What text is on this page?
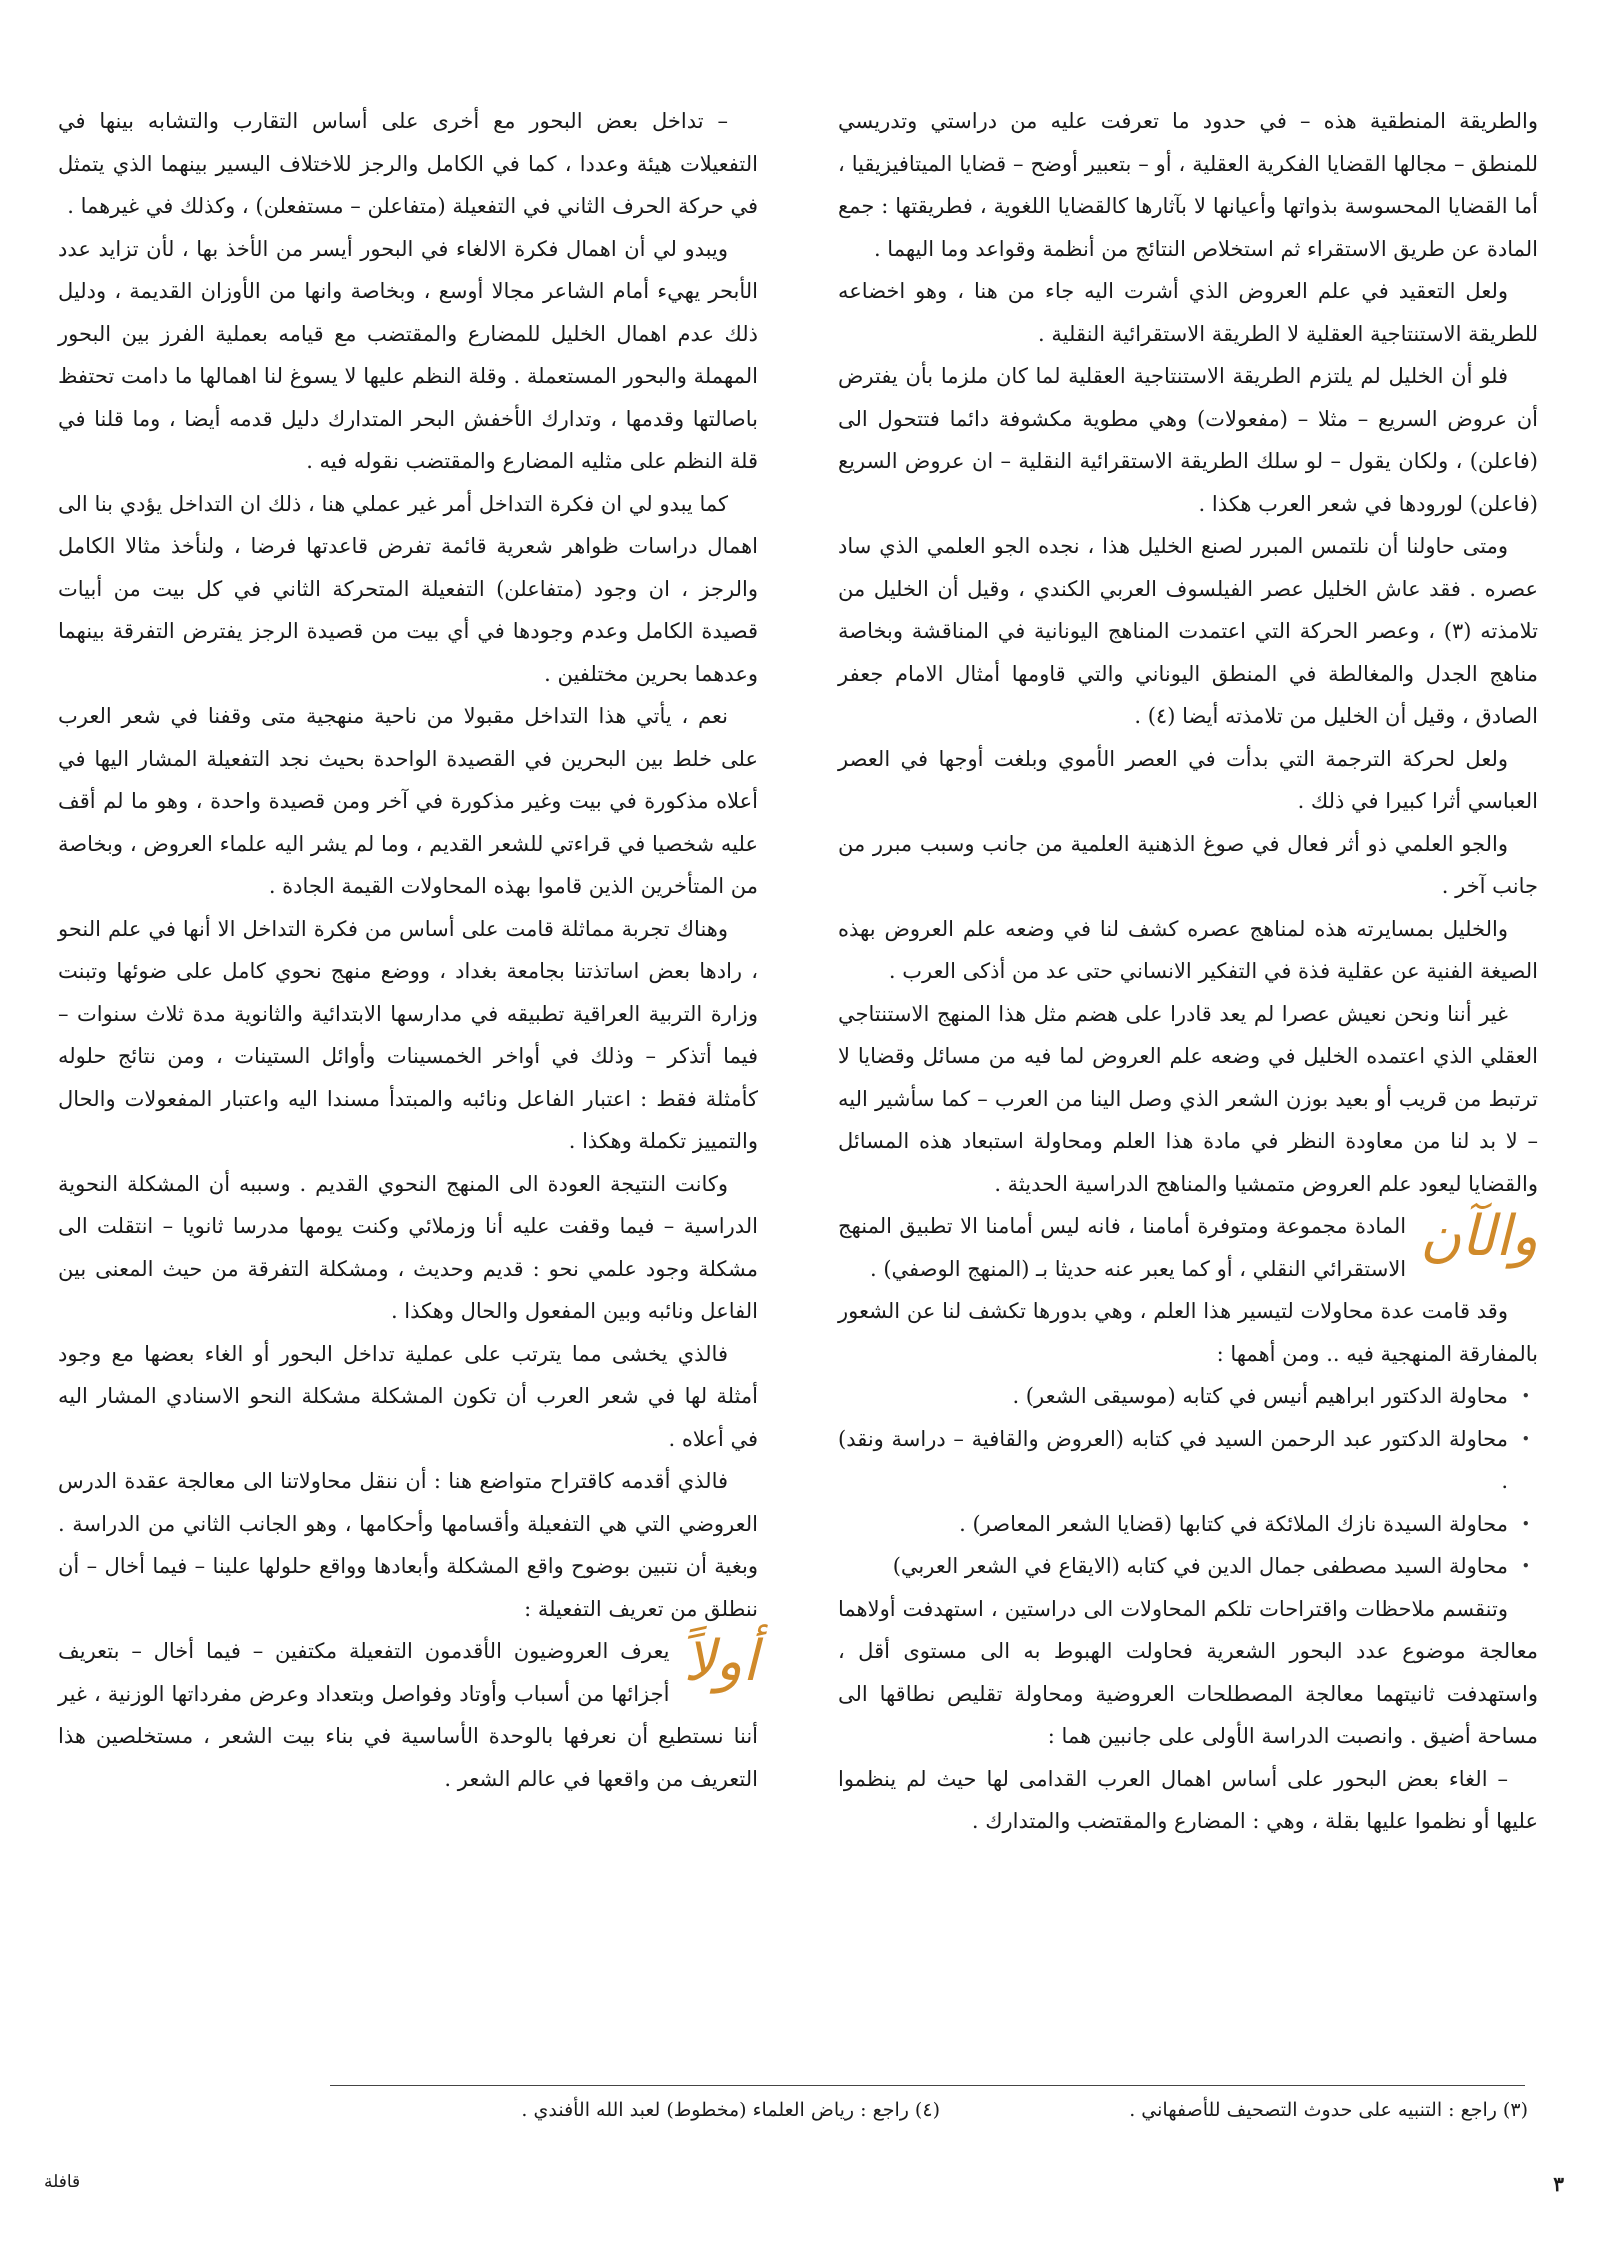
والطريقة المنطقية هذه – في حدود ما تعرفت عليه من دراستي وتدريسي للمنطق – مجالها القضايا الفكرية العقلية ، أو – بتعبير أوضح – قضايا الميتافيزيقيا ، أما القضايا المحسوسة بذواتها وأعيانها لا بآثارها كالقضايا اللغوية ، فطريقتها : جمع المادة عن طريق الاستقراء ثم استخلاص النتائج من أنظمة وقواعد وما اليهما .

ولعل التعقيد في علم العروض الذي أشرت اليه جاء من هنا ، وهو اخضاعه للطريقة الاستنتاجية العقلية لا الطريقة الاستقرائية النقلية .

فلو أن الخليل لم يلتزم الطريقة الاستنتاجية العقلية لما كان ملزما بأن يفترض أن عروض السريع – مثلا – (مفعولات) وهي مطوية مكشوفة دائما فتتحول الى (فاعلن) ، ولكان يقول – لو سلك الطريقة الاستقرائية النقلية – ان عروض السريع (فاعلن) لورودها في شعر العرب هكذا .

ومتى حاولنا أن نلتمس المبرر لصنع الخليل هذا ، نجده الجو العلمي الذي ساد عصره . فقد عاش الخليل عصر الفيلسوف العربي الكندي ، وقيل أن الخليل من تلامذته (٣) ، وعصر الحركة التي اعتمدت المناهج اليونانية في المناقشة وبخاصة مناهج الجدل والمغالطة في المنطق اليوناني والتي قاومها أمثال الامام جعفر الصادق ، وقيل أن الخليل من تلامذته أيضا (٤) .

ولعل لحركة الترجمة التي بدأت في العصر الأموي وبلغت أوجها في العصر العباسي أثرا كبيرا في ذلك .

والجو العلمي ذو أثر فعال في صوغ الذهنية العلمية من جانب وسبب مبرر من جانب آخر .

والخليل بمسايرته هذه لمناهج عصره كشف لنا في وضعه علم العروض بهذه الصيغة الفنية عن عقلية فذة في التفكير الانساني حتى عد من أذكى العرب .

غير أننا ونحن نعيش عصرا لم يعد قادرا على هضم مثل هذا المنهج الاستنتاجي العقلي الذي اعتمده الخليل في وضعه علم العروض لما فيه من مسائل وقضايا لا ترتبط من قريب أو بعيد بوزن الشعر الذي وصل الينا من العرب – كما سأشير اليه – لا بد لنا من معاودة النظر في مادة هذا العلم ومحاولة استبعاد هذه المسائل والقضايا ليعود علم العروض متمشيا والمناهج الدراسية الحديثة .

والآن
المادة مجموعة ومتوفرة أمامنا ، فانه ليس أمامنا الا تطبيق المنهج الاستقرائي النقلي ، أو كما يعبر عنه حديثا بـ (المنهج الوصفي) .

وقد قامت عدة محاولات لتيسير هذا العلم ، وهي بدورها تكشف لنا عن الشعور بالمفارقة المنهجية فيه .. ومن أهمها :

• محاولة الدكتور ابراهيم أنيس في كتابه (موسيقى الشعر) .
• محاولة الدكتور عبد الرحمن السيد في كتابه (العروض والقافية – دراسة ونقد) .
• محاولة السيدة نازك الملائكة في كتابها (قضايا الشعر المعاصر) .
• محاولة السيد مصطفى جمال الدين في كتابه (الايقاع في الشعر العربي)

وتنقسم ملاحظات واقتراحات تلكم المحاولات الى دراستين ، استهدفت أولاهما معالجة موضوع عدد البحور الشعرية فحاولت الهبوط به الى مستوى أقل ، واستهدفت ثانيتهما معالجة المصطلحات العروضية ومحاولة تقليص نطاقها الى مساحة أضيق . وانصبت الدراسة الأولى على جانبين هما :

– الغاء بعض البحور على أساس اهمال العرب القدامى لها حيث لم ينظموا عليها أو نظموا عليها بقلة ، وهي : المضارع والمقتضب والمتدارك .

– تداخل بعض البحور مع أخرى على أساس التقارب والتشابه بينها في التفعيلات هيئة وعددا ، كما في الكامل والرجز للاختلاف اليسير بينهما الذي يتمثل في حركة الحرف الثاني في التفعيلة (متفاعلن – مستفعلن) ، وكذلك في غيرهما .

ويبدو لي أن اهمال فكرة الالغاء في البحور أيسر من الأخذ بها ، لأن تزايد عدد الأبحر يهيء أمام الشاعر مجالا أوسع ، وبخاصة وانها من الأوزان القديمة ، ودليل ذلك عدم اهمال الخليل للمضارع والمقتضب مع قيامه بعملية الفرز بين البحور المهملة والبحور المستعملة . وقلة النظم عليها لا يسوغ لنا اهمالها ما دامت تحتفظ باصالتها وقدمها ، وتدارك الأخفش البحر المتدارك دليل قدمه أيضا ، وما قلنا في قلة النظم على مثليه المضارع والمقتضب نقوله فيه .

كما يبدو لي ان فكرة التداخل أمر غير عملي هنا ، ذلك ان التداخل يؤدي بنا الى اهمال دراسات ظواهر شعرية قائمة تفرض قاعدتها فرضا ، ولنأخذ مثالا الكامل والرجز ، ان وجود (متفاعلن) التفعيلة المتحركة الثاني في كل بيت من أبيات قصيدة الكامل وعدم وجودها في أي بيت من قصيدة الرجز يفترض التفرقة بينهما وعدهما بحرين مختلفين .

نعم ، يأتي هذا التداخل مقبولا من ناحية منهجية متى وقفنا في شعر العرب على خلط بين البحرين في القصيدة الواحدة بحيث نجد التفعيلة المشار اليها في أعلاه مذكورة في بيت وغير مذكورة في آخر ومن قصيدة واحدة ، وهو ما لم أقف عليه شخصيا في قراءتي للشعر القديم ، وما لم يشر اليه علماء العروض ، وبخاصة من المتأخرين الذين قاموا بهذه المحاولات القيمة الجادة .

وهناك تجربة مماثلة قامت على أساس من فكرة التداخل الا أنها في علم النحو ، رادها بعض اساتذتنا بجامعة بغداد ، ووضع منهج نحوي كامل على ضوئها وتبنت وزارة التربية العراقية تطبيقه في مدارسها الابتدائية والثانوية مدة ثلاث سنوات – فيما أتذكر – وذلك في أواخر الخمسينات وأوائل الستينات ، ومن نتائج حلوله كأمثلة فقط : اعتبار الفاعل ونائبه والمبتدأ مسندا اليه واعتبار المفعولات والحال والتمييز تكملة وهكذا .

وكانت النتيجة العودة الى المنهج النحوي القديم . وسببه أن المشكلة النحوية الدراسية – فيما وقفت عليه أنا وزملائي وكنت يومها مدرسا ثانويا – انتقلت الى مشكلة وجود علمي نحو : قديم وحديث ، ومشكلة التفرقة من حيث المعنى بين الفاعل ونائبه وبين المفعول والحال وهكذا .

فالذي يخشى مما يترتب على عملية تداخل البحور أو الغاء بعضها مع وجود أمثلة لها في شعر العرب أن تكون المشكلة مشكلة النحو الاسنادي المشار اليه في أعلاه .

فالذي أقدمه كاقتراح متواضع هنا : أن ننقل محاولاتنا الى معالجة عقدة الدرس العروضي التي هي التفعيلة وأقسامها وأحكامها ، وهو الجانب الثاني من الدراسة . وبغية أن نتبين بوضوح واقع المشكلة وأبعادها وواقع حلولها علينا – فيما أخال – أن ننطلق من تعريف التفعيلة :

أولاً
يعرف العروضيون الأقدمون التفعيلة مكتفين – فيما أخال – بتعريف أجزائها من أسباب وأوتاد وفواصل وبتعداد وعرض مفرداتها الوزنية ، غير أننا نستطيع أن نعرفها بالوحدة الأساسية في بناء بيت الشعر ، مستخلصين هذا التعريف من واقعها في عالم الشعر .

(٣) راجع : التنبيه على حدوث التصحيف للأصفهاني .
(٤) راجع : رياض العلماء (مخطوط) لعبد الله الأفندي .
٣
قافلة
